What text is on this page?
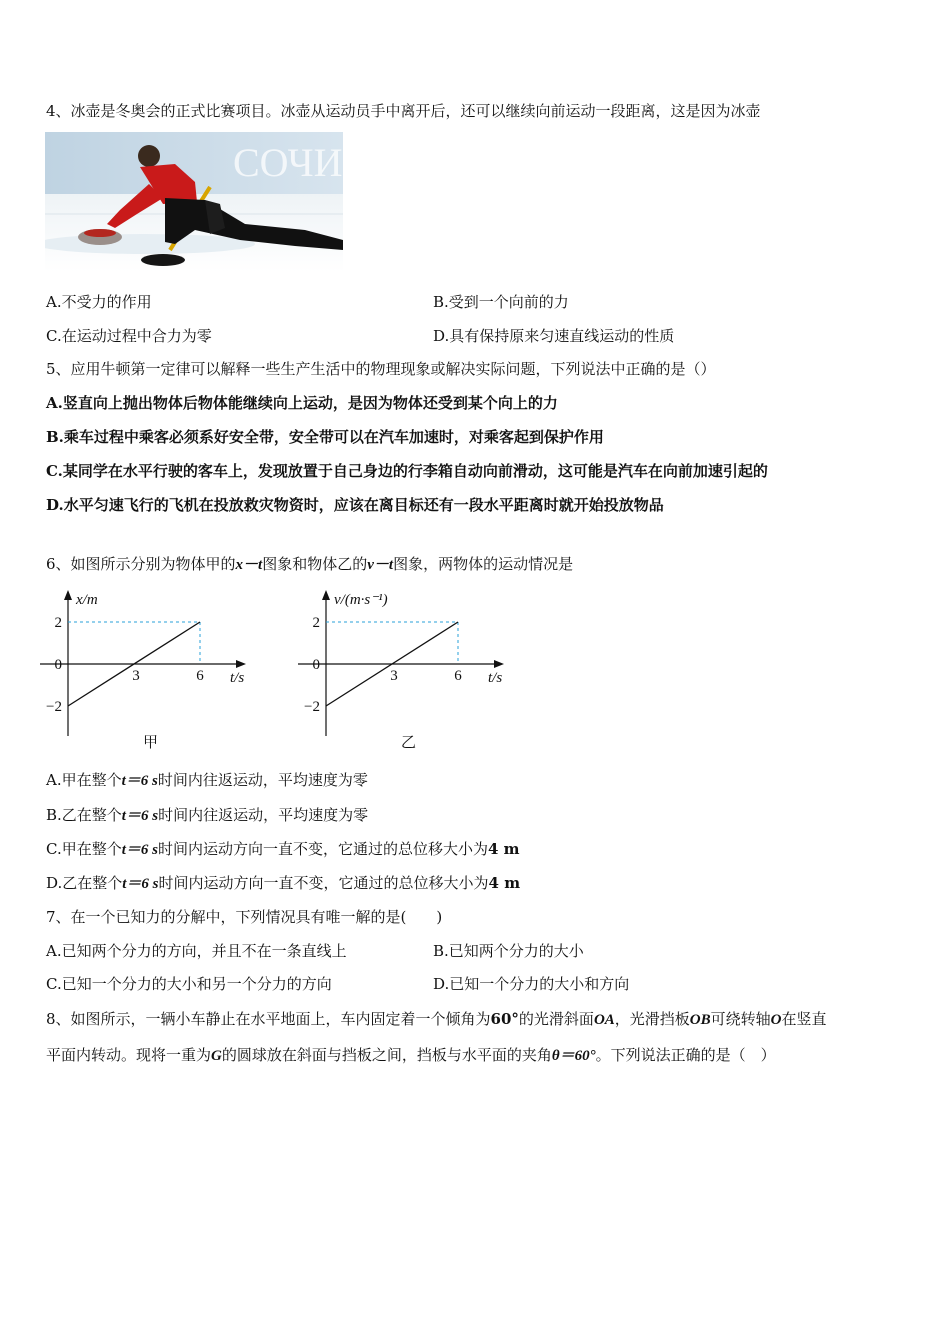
4、冰壶是冬奥会的正式比赛项目。冰壶从运动员手中离开后，还可以继续向前运动一段距离，这是因为冰壶
СОЧИ
A.不受力的作用	B.受到一个向前的力
C.在运动过程中合力为零	D.具有保持原来匀速直线运动的性质
5、应用牛顿第一定律可以解释一些生产生活中的物理现象或解决实际问题，下列说法中正确的是（）
A.竖直向上抛出物体后物体能继续向上运动，是因为物体还受到某个向上的力
B.乘车过程中乘客必须系好安全带，安全带可以在汽车加速时，对乘客起到保护作用
C.某同学在水平行驶的客车上，发现放置于自己身边的行李箱自动向前滑动，这可能是汽车在向前加速引起的
D.水平匀速飞行的飞机在投放救灾物资时，应该在离目标还有一段水平距离时就开始投放物品
6、如图所示分别为物体甲的x－t图象和物体乙的v－t图象，两物体的运动情况是
2
0
−2
3	6 t/s
x/m
甲
2
0
−2
3	6 t/s
v/(m·s⁻¹)
乙
A.甲在整个t＝6 s时间内往返运动，平均速度为零
B.乙在整个t＝6 s时间内往返运动，平均速度为零
C.甲在整个t＝6 s时间内运动方向一直不变，它通过的总位移大小为4 m
D.乙在整个t＝6 s时间内运动方向一直不变，它通过的总位移大小为4 m
7、在一个已知力的分解中，下列情况具有唯一解的是(　　)
A.已知两个分力的方向，并且不在一条直线上	B.已知两个分力的大小
C.已知一个分力的大小和另一个分力的方向	D.已知一个分力的大小和方向
8、如图所示，一辆小车静止在水平地面上，车内固定着一个倾角为60°的光滑斜面OA，光滑挡板OB可绕转轴O在竖直
平面内转动。现将一重为G的圆球放在斜面与挡板之间，挡板与水平面的夹角θ＝60°。下列说法正确的是（　）
